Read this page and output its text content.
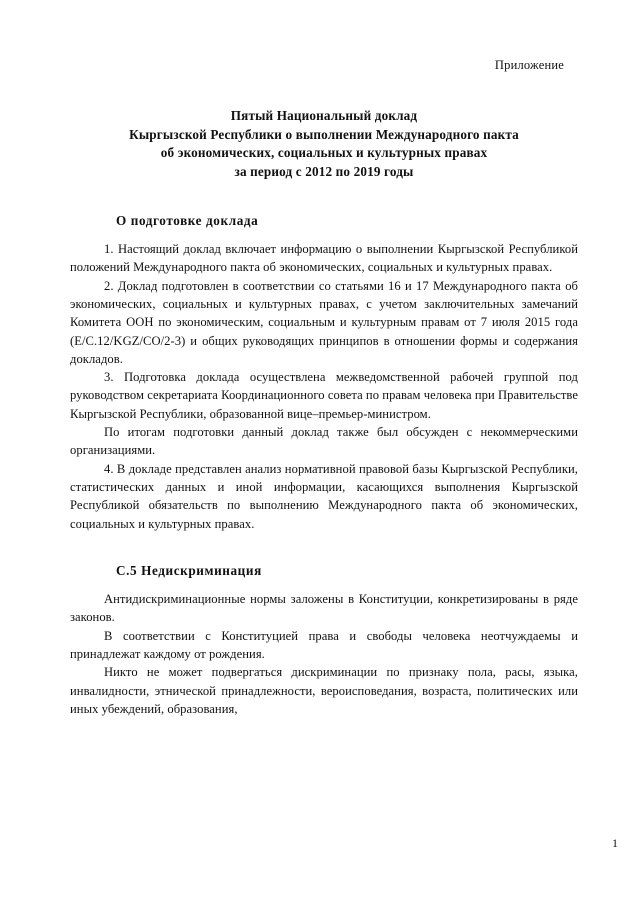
Приложение
Пятый Национальный доклад
Кыргызской Республики о выполнении Международного пакта
об экономических, социальных и культурных правах
за период с 2012 по 2019 годы
О подготовке доклада

1. Настоящий доклад включает информацию о выполнении Кыргызской Республикой положений Международного пакта об экономических, социальных и культурных правах.

2. Доклад подготовлен в соответствии со статьями 16 и 17 Международного пакта об экономических, социальных и культурных правах, с учетом заключительных замечаний Комитета ООН по экономическим, социальным и культурным правам от 7 июля 2015 года (E/C.12/KGZ/CO/2-3) и общих руководящих принципов в отношении формы и содержания докладов.

3. Подготовка доклада осуществлена межведомственной рабочей группой под руководством секретариата Координационного совета по правам человека при Правительстве Кыргызской Республики, образованной вице–премьер-министром.

По итогам подготовки данный доклад также был обсужден с некоммерческими организациями.

4. В докладе представлен анализ нормативной правовой базы Кыргызской Республики, статистических данных и иной информации, касающихся выполнения Кыргызской Республикой обязательств по выполнению Международного пакта об экономических, социальных и культурных правах.

С.5 Недискриминация

Антидискриминационные нормы заложены в Конституции, конкретизированы в ряде законов.

В соответствии с Конституцией права и свободы человека неотчуждаемы и принадлежат каждому от рождения.

Никто не может подвергаться дискриминации по признаку пола, расы, языка, инвалидности, этнической принадлежности, вероисповедания, возраста, политических или иных убеждений, образования,

1
